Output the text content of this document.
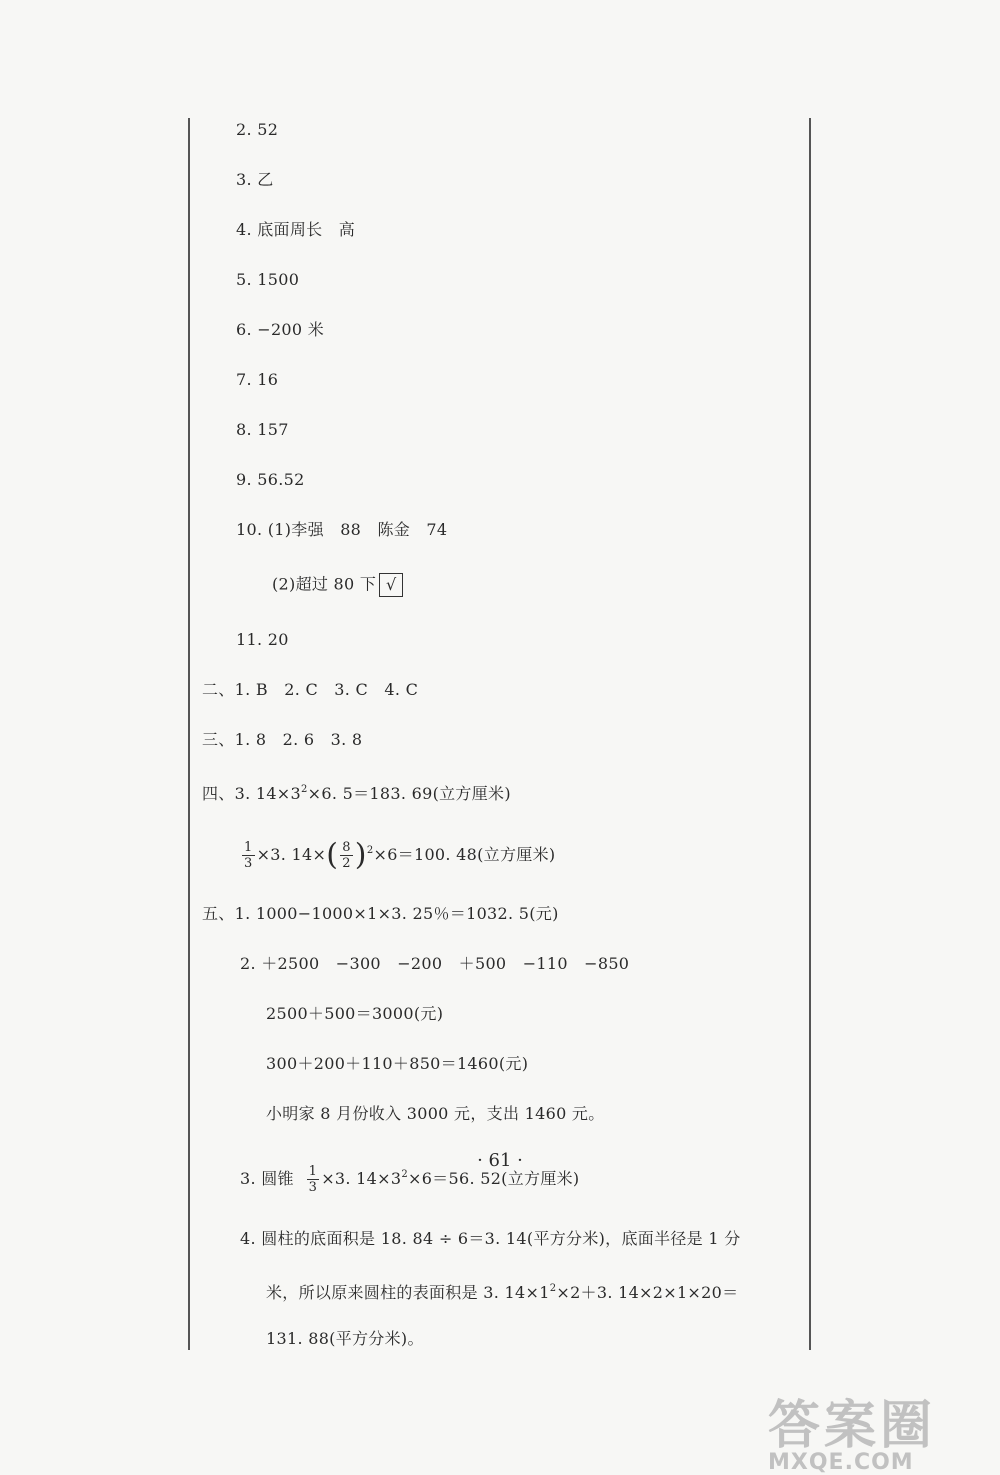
2. 52
3. 乙
4. 底面周长　高
5. 1500
6. −200 米
7. 16
8. 157
9. 56.52
10. (1)李强　88　陈金　74
(2)超过 80 下 √
11. 20
二、1. B　2. C　3. C　4. C
三、1. 8　2. 6　3. 8
四、3. $14\times 3^2\times 6$. 5＝183. 69(立方厘米)
$\frac{1}{3} \times 3$. $14\times( \frac{8}{2} )^2\times 6=100$. 48(立方厘米)
五、1. 1000−1000×1×3. 25％＝1032. 5(元)
2. ＋2500　−300　−200　＋500　−110　−850
2500＋500＝3000(元)
300＋200＋110＋850＝1460(元)
小明家 8 月份收入 3000 元，支出 1460 元。
3. 圆锥 $\frac{1}{3} \times 3$. $14\times 3^2\times 6=56$. 52(立方厘米)
4. 圆柱的底面积是 18. 84 ÷ 6＝3. 14(平方分米)，底面半径是 1 分
米，所以原来圆柱的表面积是 3. $14\times 1^2\times 2+3$. 14×2×1×20＝
131. 88(平方分米)。
· 61 ·
答案圈
MXQE.COM
